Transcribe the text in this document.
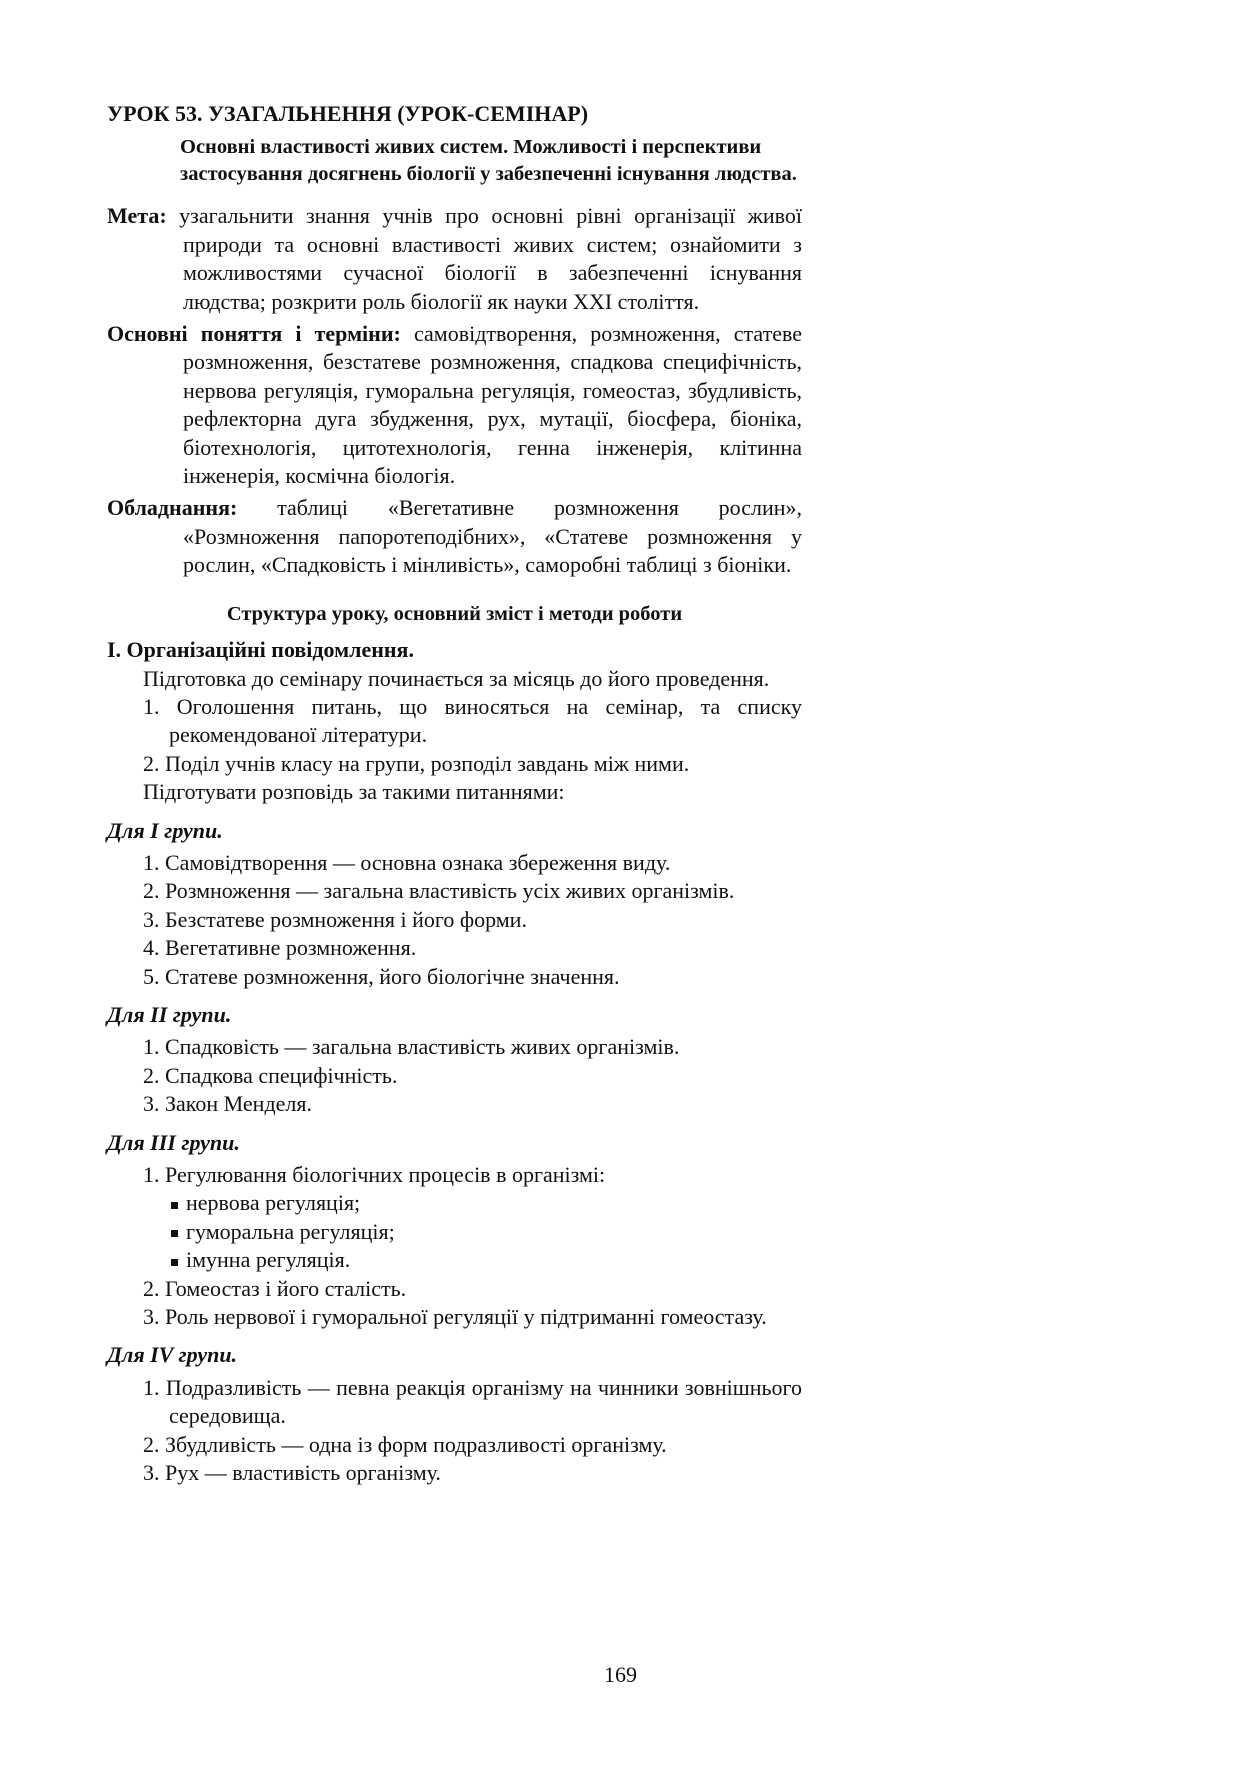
УРОК 53. УЗАГАЛЬНЕННЯ (УРОК-СЕМІНАР)
Основні властивості живих систем. Можливості і перспективи застосування досягнень біології у забезпеченні існування людства.

Мета: узагальнити знання учнів про основні рівні організації живої природи та основні властивості живих систем; ознайомити з можливостями сучасної біології в забезпеченні існування людства; розкрити роль біології як науки XXI століття.

Основні поняття і терміни: самовідтворення, розмноження, статеве розмноження, безстатеве розмноження, спадкова специфічність, нервова регуляція, гуморальна регуляція, гомеостаз, збудливість, рефлекторна дуга збудження, рух, мутації, біосфера, біоніка, біотехнологія, цитотехнологія, генна інженерія, клітинна інженерія, космічна біологія.

Обладнання: таблиці «Вегетативне розмноження рослин», «Розмноження папоротеподібних», «Статеве розмноження у рослин, «Спадковість і мінливість», саморобні таблиці з біоніки.

Структура уроку, основний зміст і методи роботи
I. Організаційні повідомлення.

Підготовка до семінару починається за місяць до його проведення.

1. Оголошення питань, що виносяться на семінар, та списку рекомендованої літератури.
2. Поділ учнів класу на групи, розподіл завдань між ними.
Підготувати розповідь за такими питаннями:
Для I групи.
1. Самовідтворення — основна ознака збереження виду.
2. Розмноження — загальна властивість усіх живих організмів.
3. Безстатеве розмноження і його форми.
4. Вегетативне розмноження.
5. Статеве розмноження, його біологічне значення.
Для II групи.
1. Спадковість — загальна властивість живих організмів.
2. Спадкова специфічність.
3. Закон Менделя.
Для III групи.
1. Регулювання біологічних процесів в організмі:
нервова регуляція;
гуморальна регуляція;
імунна регуляція.
2. Гомеостаз і його сталість.
3. Роль нервової і гуморальної регуляції у підтриманні гомеостазу.
Для IV групи.
1. Подразливість — певна реакція організму на чинники зовнішнього середовища.
2. Збудливість — одна із форм подразливості організму.
3. Рух — властивість організму.
169
